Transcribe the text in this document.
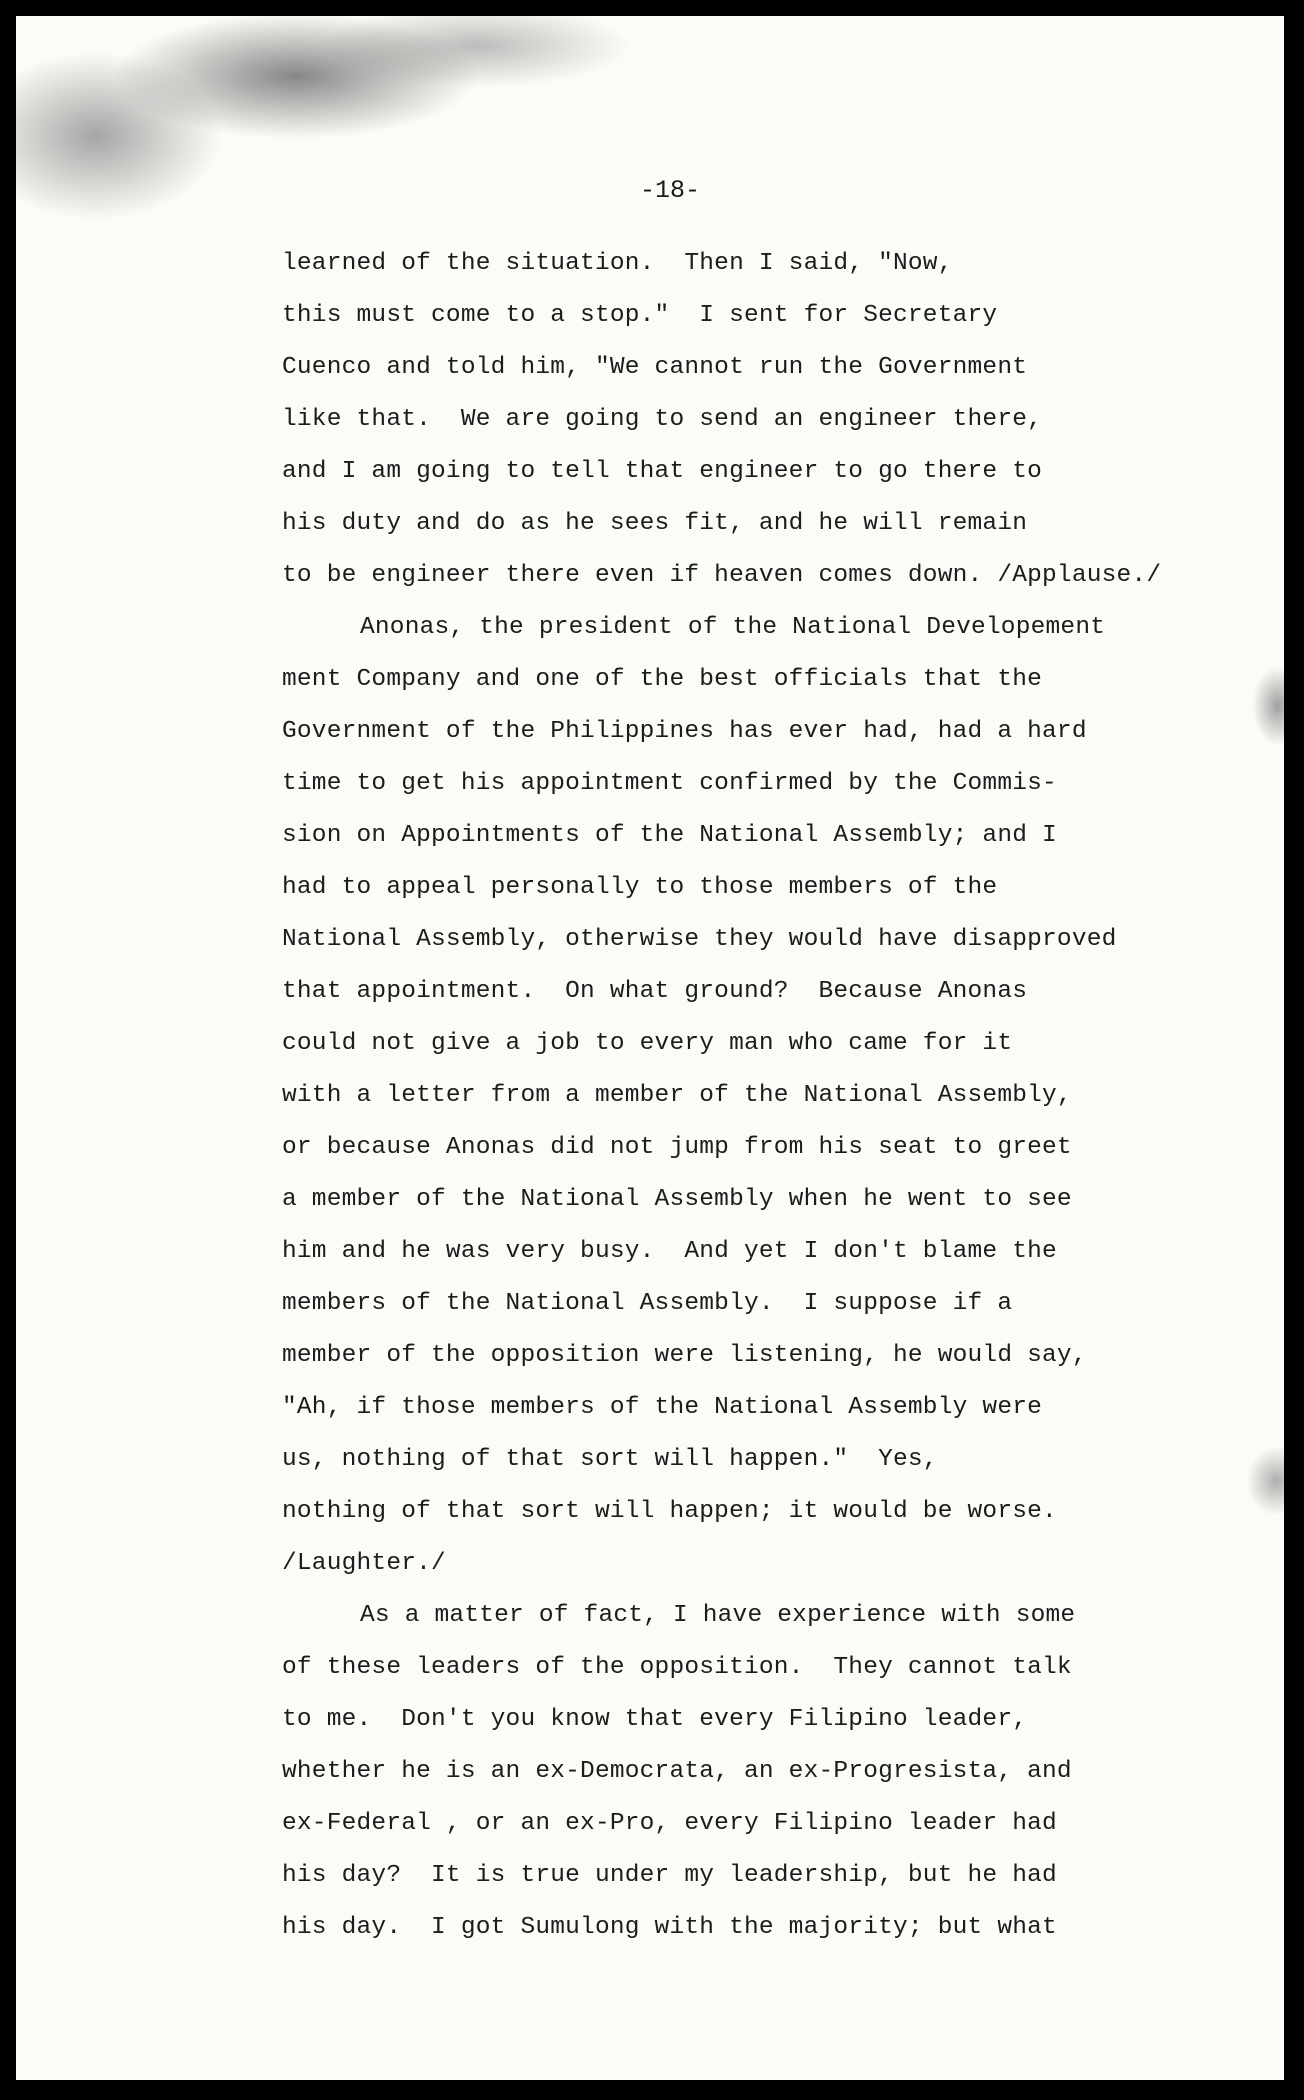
-18-
learned of the situation.  Then I said, "Now,
this must come to a stop."  I sent for Secretary
Cuenco and told him, "We cannot run the Government
like that.  We are going to send an engineer there,
and I am going to tell that engineer to go there to
his duty and do as he sees fit, and he will remain
to be engineer there even if heaven comes down. /Applause./
Anonas, the president of the National Developement
ment Company and one of the best officials that the
Government of the Philippines has ever had, had a hard
time to get his appointment confirmed by the Commis-
sion on Appointments of the National Assembly; and I
had to appeal personally to those members of the
National Assembly, otherwise they would have disapproved
that appointment.  On what ground?  Because Anonas
could not give a job to every man who came for it
with a letter from a member of the National Assembly,
or because Anonas did not jump from his seat to greet
a member of the National Assembly when he went to see
him and he was very busy.  And yet I don't blame the
members of the National Assembly.  I suppose if a
member of the opposition were listening, he would say,
"Ah, if those members of the National Assembly were
us, nothing of that sort will happen."  Yes,
nothing of that sort will happen; it would be worse.
/Laughter./
As a matter of fact, I have experience with some
of these leaders of the opposition.  They cannot talk
to me.  Don't you know that every Filipino leader,
whether he is an ex-Democrata, an ex-Progresista, and
ex-Federal , or an ex-Pro, every Filipino leader had
his day?  It is true under my leadership, but he had
his day.  I got Sumulong with the majority; but what
